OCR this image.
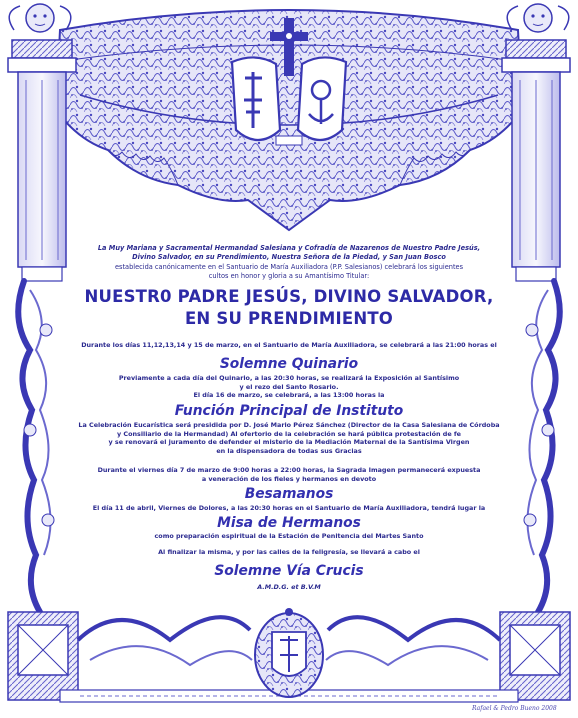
La Muy Mariana y Sacramental Hermandad Salesiana y Cofradía de Nazarenos de Nuestro Padre Jesús,
Divino Salvador, en su Prendimiento, Nuestra Señora de la Piedad, y San Juan Bosco
establecida canónicamente en el Santuario de María Auxiliadora (P.P. Salesianos) celebrará los siguientes
cultos en honor y gloria a su Amantísimo Titular:
NUESTR0 PADRE JESÚS, DIVINO SALVADOR,
EN SU PRENDIMIENTO
Durante los días 11,12,13,14 y 15 de marzo, en el Santuario de María Auxiliadora, se celebrará a las 21:00 horas el
Solemne Quinario
Previamente a cada día del Quinario, a las 20:30 horas, se realizará la Exposición al Santísimo
y el rezo del Santo Rosario.
El día 16 de marzo, se celebrará, a las 13:00 horas la
Función Principal de Instituto
La Celebración Eucarística será presidida por D. José Mario Pérez Sánchez (Director de la Casa Salesiana de Córdoba
y Consiliario de la Hermandad) Al ofertorio de la celebración se hará pública protestación de fe
y se renovará el juramento de defender el misterio de la Mediación Maternal de la Santísima Virgen
en la dispensadora de todas sus Gracias
Durante el viernes día 7 de marzo de 9:00 horas a 22:00 horas, la Sagrada Imagen permanecerá expuesta
a veneración de los fieles y hermanos en devoto
Besamanos
El día 11 de abril, Viernes de Dolores, a las 20:30 horas en el Santuario de María Auxiliadora, tendrá lugar la
Misa de Hermanos
como preparación espiritual de la Estación de Penitencia del Martes Santo
Al finalizar la misma, y por las calles de la feligresía, se llevará a cabo el
Solemne Vía Crucis
A.M.D.G. et B.V.M
Rafael & Pedro Bueno 2008
